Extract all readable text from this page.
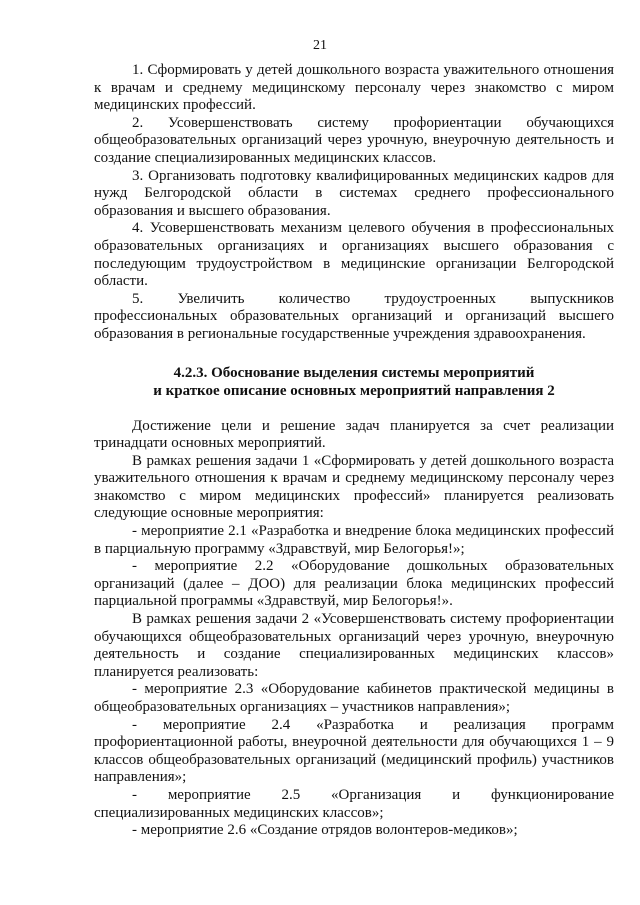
21

1. Сформировать у детей дошкольного возраста уважительного отношения к врачам и среднему медицинскому персоналу через знакомство с миром медицинских профессий.

2. Усовершенствовать систему профориентации обучающихся общеобразовательных организаций через урочную, внеурочную деятельность и создание специализированных медицинских классов.

3. Организовать подготовку квалифицированных медицинских кадров для нужд Белгородской области в системах среднего профессионального образования и высшего образования.

4. Усовершенствовать механизм целевого обучения в профессиональных образовательных организациях и организациях высшего образования с последующим трудоустройством в медицинские организации Белгородской области.

5. Увеличить количество трудоустроенных выпускников профессиональных образовательных организаций и организаций высшего образования в региональные государственные учреждения здравоохранения.

4.2.3. Обоснование выделения системы мероприятий
и краткое описание основных мероприятий направления 2

Достижение цели и решение задач планируется за счет реализации тринадцати основных мероприятий.

В рамках решения задачи 1 «Сформировать у детей дошкольного возраста уважительного отношения к врачам и среднему медицинскому персоналу через знакомство с миром медицинских профессий» планируется реализовать следующие основные мероприятия:

- мероприятие 2.1 «Разработка и внедрение блока медицинских профессий в парциальную программу «Здравствуй, мир Белогорья!»;

- мероприятие 2.2 «Оборудование дошкольных образовательных организаций (далее – ДОО) для реализации блока медицинских профессий парциальной программы «Здравствуй, мир Белогорья!».

В рамках решения задачи 2 «Усовершенствовать систему профориентации обучающихся общеобразовательных организаций через урочную, внеурочную деятельность и создание специализированных медицинских классов» планируется реализовать:

- мероприятие 2.3 «Оборудование кабинетов практической медицины в общеобразовательных организациях – участников направления»;

- мероприятие 2.4 «Разработка и реализация программ профориентационной работы, внеурочной деятельности для обучающихся 1 – 9 классов общеобразовательных организаций (медицинский профиль) участников направления»;

- мероприятие 2.5 «Организация и функционирование специализированных медицинских классов»;

- мероприятие 2.6 «Создание отрядов волонтеров-медиков»;
